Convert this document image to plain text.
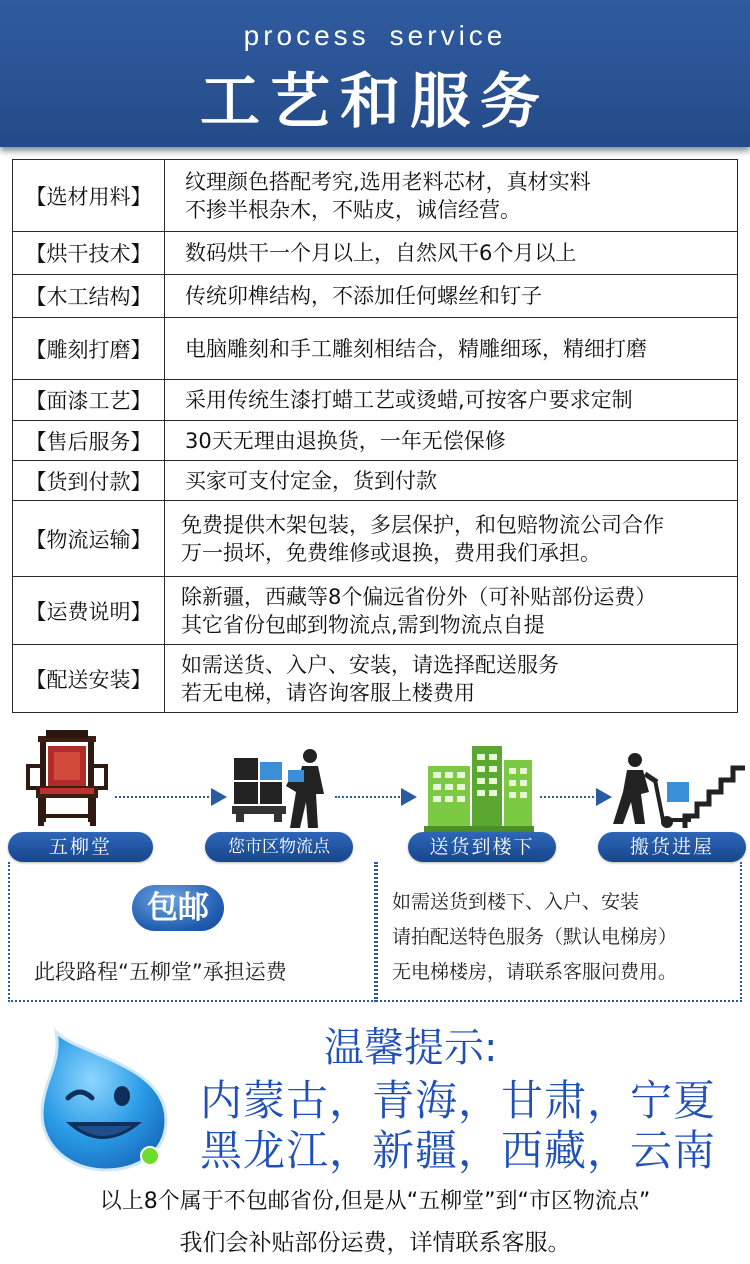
process service
工艺和服务
【选材用料】	纹理颜色搭配考究,选用老料芯材，真材实料
不掺半根杂木，不贴皮，诚信经营。

【烘干技术】	数码烘干一个月以上，自然风干6个月以上

【木工结构】	传统卯榫结构，不添加任何螺丝和钉子

【雕刻打磨】	电脑雕刻和手工雕刻相结合，精雕细琢，精细打磨

【面漆工艺】	采用传统生漆打蜡工艺或烫蜡,可按客户要求定制

【售后服务】	30天无理由退换货，一年无偿保修

【货到付款】	买家可支付定金，货到付款

【物流运输】	免费提供木架包装，多层保护，和包赔物流公司合作
万一损坏，免费维修或退换，费用我们承担。

【运费说明】	除新疆，西藏等8个偏远省份外（可补贴部份运费）
其它省份包邮到物流点,需到物流点自提

【配送安装】	如需送货、入户、安装，请选择配送服务
若无电梯，请咨询客服上楼费用
五柳堂	您市区物流点	送货到楼下	搬货进屋
包邮
此段路程“五柳堂”承担运费
如需送货到楼下、入户、安装
请拍配送特色服务（默认电梯房）
无电梯楼房，请联系客服问费用。
温馨提示:
内蒙古，青海，甘肃，宁夏
黑龙江，新疆，西藏，云南
以上8个属于不包邮省份,但是从“五柳堂”到“市区物流点”
我们会补贴部份运费，详情联系客服。
